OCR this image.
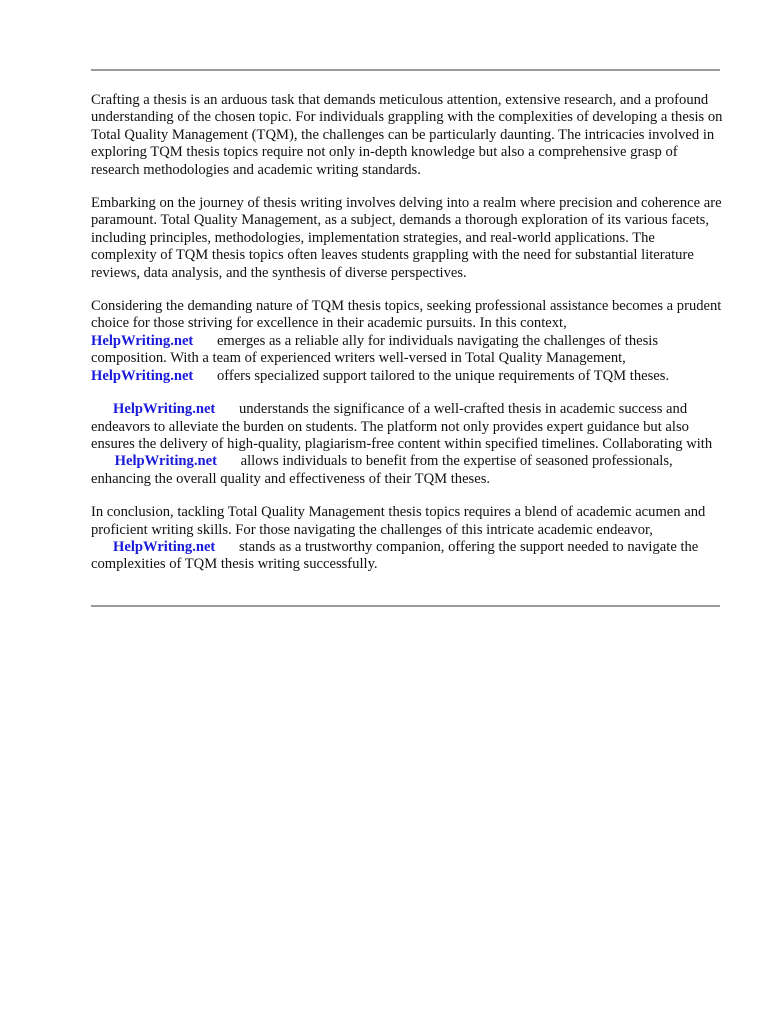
Crafting a thesis is an arduous task that demands meticulous attention, extensive research, and a profound understanding of the chosen topic. For individuals grappling with the complexities of developing a thesis on Total Quality Management (TQM), the challenges can be particularly daunting. The intricacies involved in exploring TQM thesis topics require not only in-depth knowledge but also a comprehensive grasp of research methodologies and academic writing standards.

Embarking on the journey of thesis writing involves delving into a realm where precision and coherence are paramount. Total Quality Management, as a subject, demands a thorough exploration of its various facets, including principles, methodologies, implementation strategies, and real-world applications. The complexity of TQM thesis topics often leaves students grappling with the need for substantial literature reviews, data analysis, and the synthesis of diverse perspectives.

Considering the demanding nature of TQM thesis topics, seeking professional assistance becomes a prudent choice for those striving for excellence in their academic pursuits. In this context,
HelpWriting.net emerges as a reliable ally for individuals navigating the challenges of thesis composition. With a team of experienced writers well-versed in Total Quality Management,
HelpWriting.net offers specialized support tailored to the unique requirements of TQM theses.

HelpWriting.net understands the significance of a well-crafted thesis in academic success and endeavors to alleviate the burden on students. The platform not only provides expert guidance but also ensures the delivery of high-quality, plagiarism-free content within specified timelines. Collaborating with HelpWriting.net allows individuals to benefit from the expertise of seasoned professionals, enhancing the overall quality and effectiveness of their TQM theses.

In conclusion, tackling Total Quality Management thesis topics requires a blend of academic acumen and proficient writing skills. For those navigating the challenges of this intricate academic endeavor,
HelpWriting.net stands as a trustworthy companion, offering the support needed to navigate the complexities of TQM thesis writing successfully.
